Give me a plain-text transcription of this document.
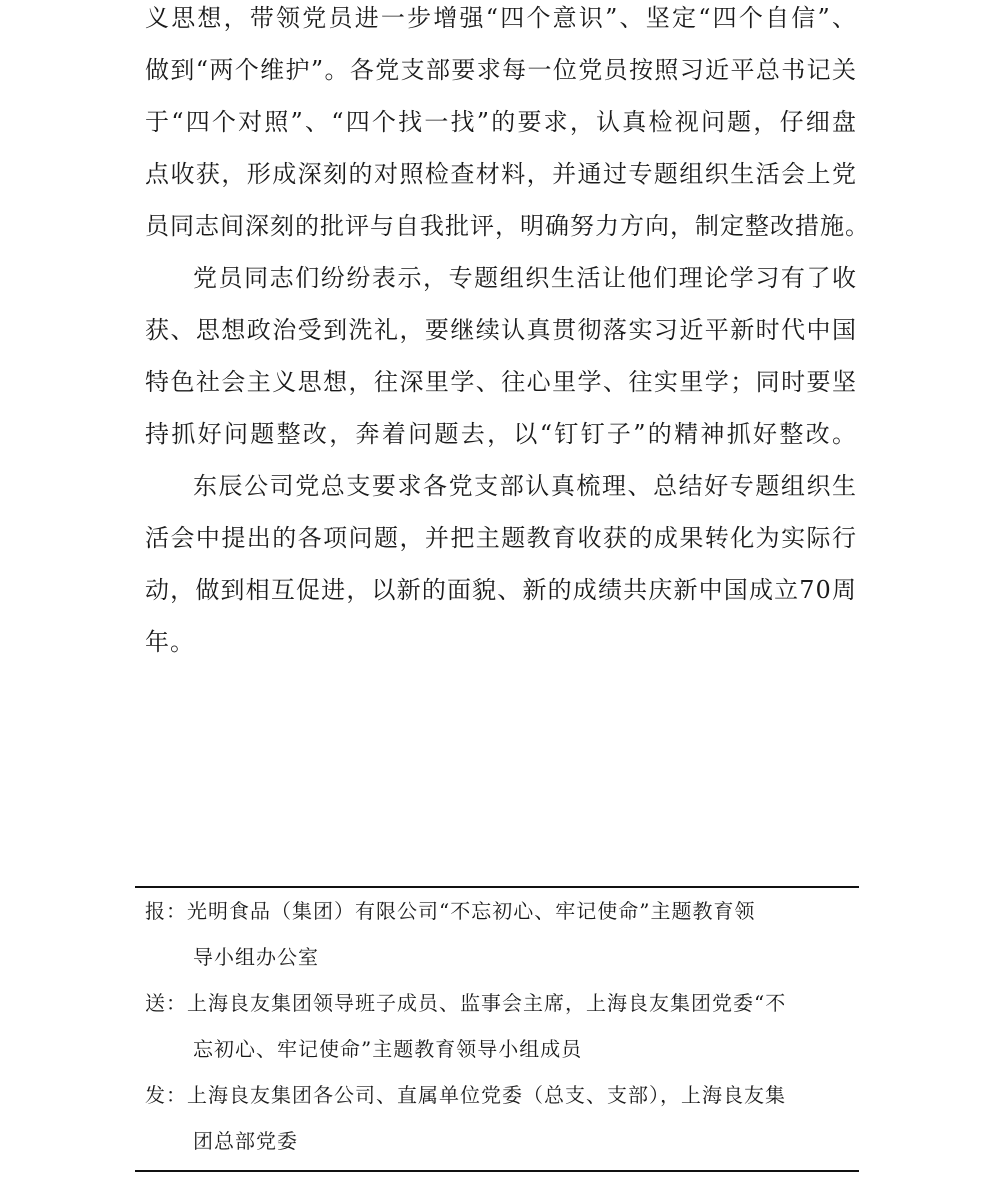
义思想，带领党员进一步增强“四个意识”、坚定“四个自信”、
做到“两个维护”。各党支部要求每一位党员按照习近平总书记关
于“四个对照”、“四个找一找”的要求，认真检视问题，仔细盘
点收获，形成深刻的对照检查材料，并通过专题组织生活会上党
员同志间深刻的批评与自我批评，明确努力方向，制定整改措施。
党员同志们纷纷表示，专题组织生活让他们理论学习有了收
获、思想政治受到洗礼，要继续认真贯彻落实习近平新时代中国
特色社会主义思想，往深里学、往心里学、往实里学；同时要坚
持抓好问题整改，奔着问题去，以“钉钉子”的精神抓好整改。
东辰公司党总支要求各党支部认真梳理、总结好专题组织生
活会中提出的各项问题，并把主题教育收获的成果转化为实际行
动，做到相互促进，以新的面貌、新的成绩共庆新中国成立70周
年。
报：光明食品（集团）有限公司“不忘初心、牢记使命”主题教育领
导小组办公室
送：上海良友集团领导班子成员、监事会主席，上海良友集团党委“不
忘初心、牢记使命”主题教育领导小组成员
发：上海良友集团各公司、直属单位党委（总支、支部），上海良友集
团总部党委
